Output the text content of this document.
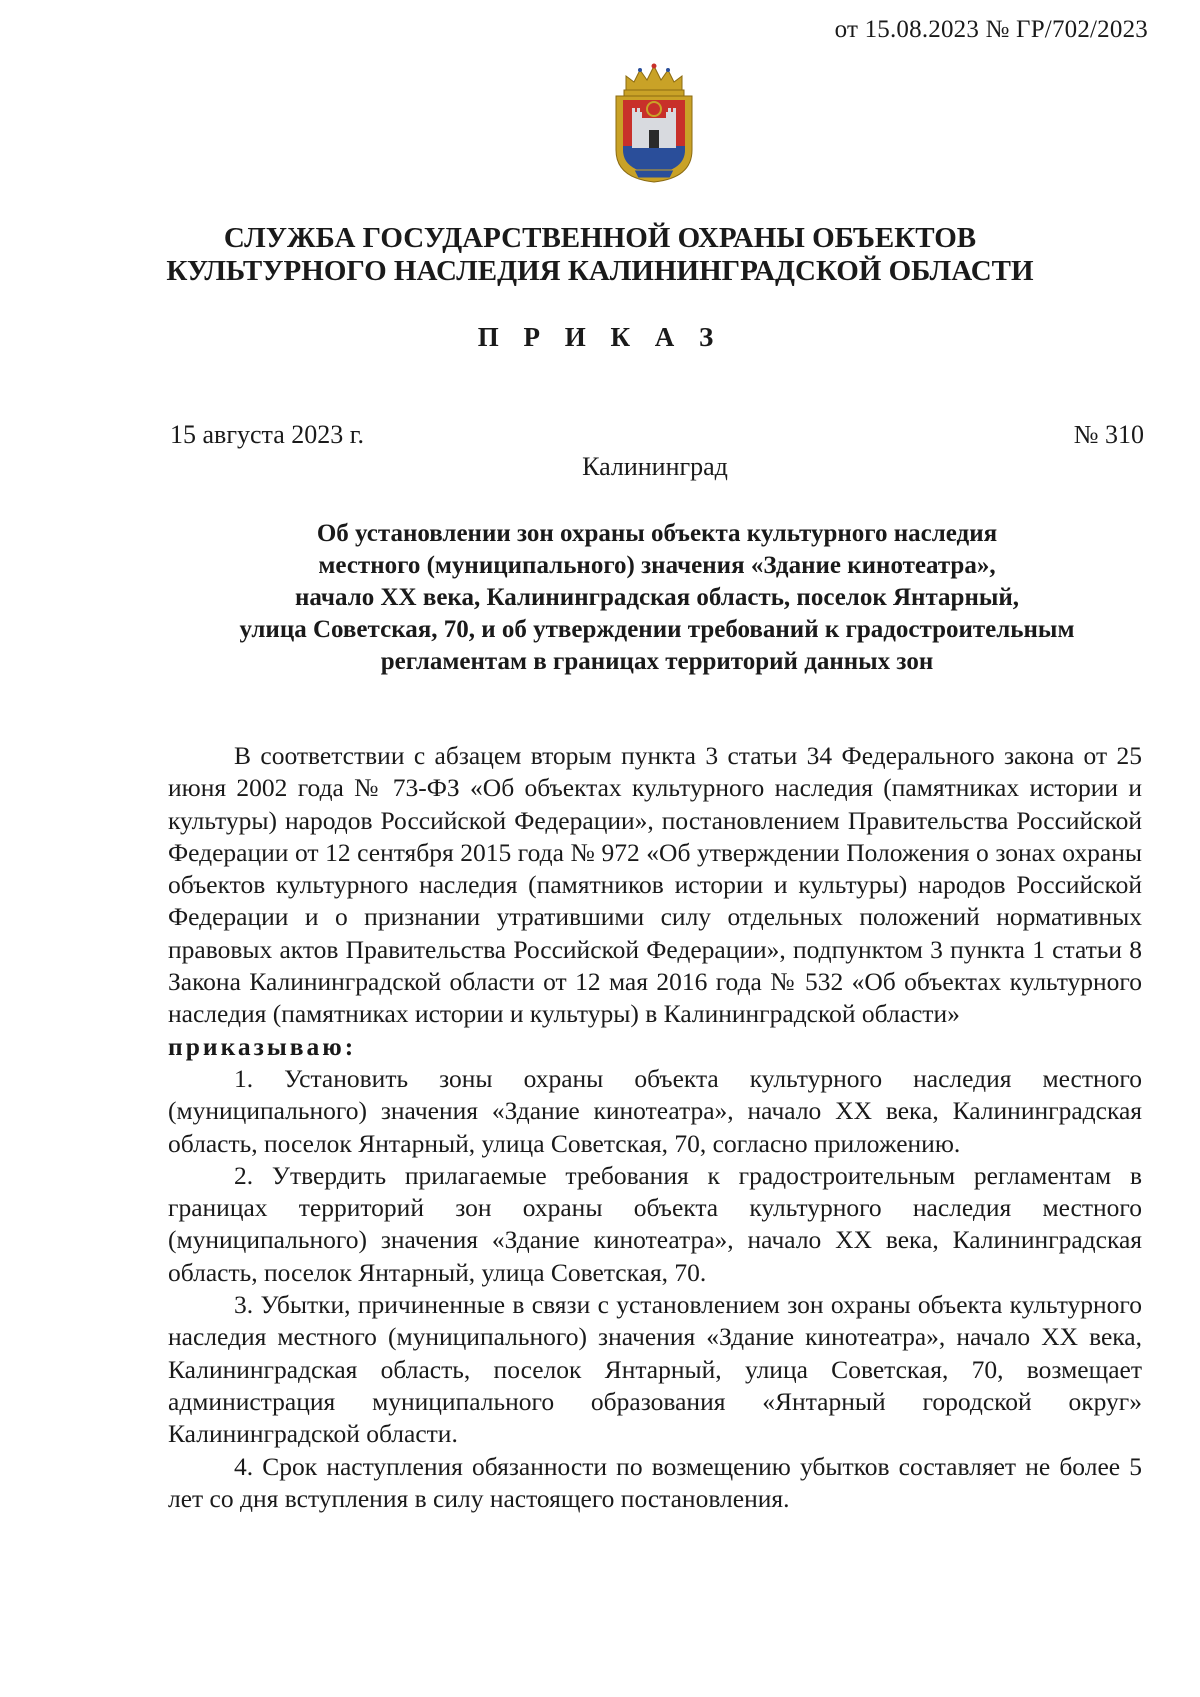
от 15.08.2023 № ГР/702/2023
СЛУЖБА ГОСУДАРСТВЕННОЙ ОХРАНЫ ОБЪЕКТОВ
КУЛЬТУРНОГО НАСЛЕДИЯ КАЛИНИНГРАДСКОЙ ОБЛАСТИ
П Р И К А З
15 августа 2023 г.	№ 310
Калининград
Об установлении зон охраны объекта культурного наследия
местного (муниципального) значения «Здание кинотеатра»,
начало XX века, Калининградская область, поселок Янтарный,
улица Советская, 70, и об утверждении требований к градостроительным
регламентам в границах территорий данных зон

В соответствии с абзацем вторым пункта 3 статьи 34 Федерального закона от 25 июня 2002 года № 73-ФЗ «Об объектах культурного наследия (памятниках истории и культуры) народов Российской Федерации», постановлением Правительства Российской Федерации от 12 сентября 2015 года № 972 «Об утверждении Положения о зонах охраны объектов культурного наследия (памятников истории и культуры) народов Российской Федерации и о признании утратившими силу отдельных положений нормативных правовых актов Правительства Российской Федерации», подпунктом 3 пункта 1 статьи 8 Закона Калининградской области от 12 мая 2016 года № 532 «Об объектах культурного наследия (памятниках истории и культуры) в Калининградской области»

приказываю:

1. Установить зоны охраны объекта культурного наследия местного (муниципального) значения «Здание кинотеатра», начало XX века, Калининградская область, поселок Янтарный, улица Советская, 70, согласно приложению.

2. Утвердить прилагаемые требования к градостроительным регламентам в границах территорий зон охраны объекта культурного наследия местного (муниципального) значения «Здание кинотеатра», начало XX века, Калининградская область, поселок Янтарный, улица Советская, 70.

3. Убытки, причиненные в связи с установлением зон охраны объекта культурного наследия местного (муниципального) значения «Здание кинотеатра», начало XX века, Калининградская область, поселок Янтарный, улица Советская, 70, возмещает администрация муниципального образования «Янтарный городской округ» Калининградской области.

4. Срок наступления обязанности по возмещению убытков составляет не более 5 лет со дня вступления в силу настоящего постановления.
